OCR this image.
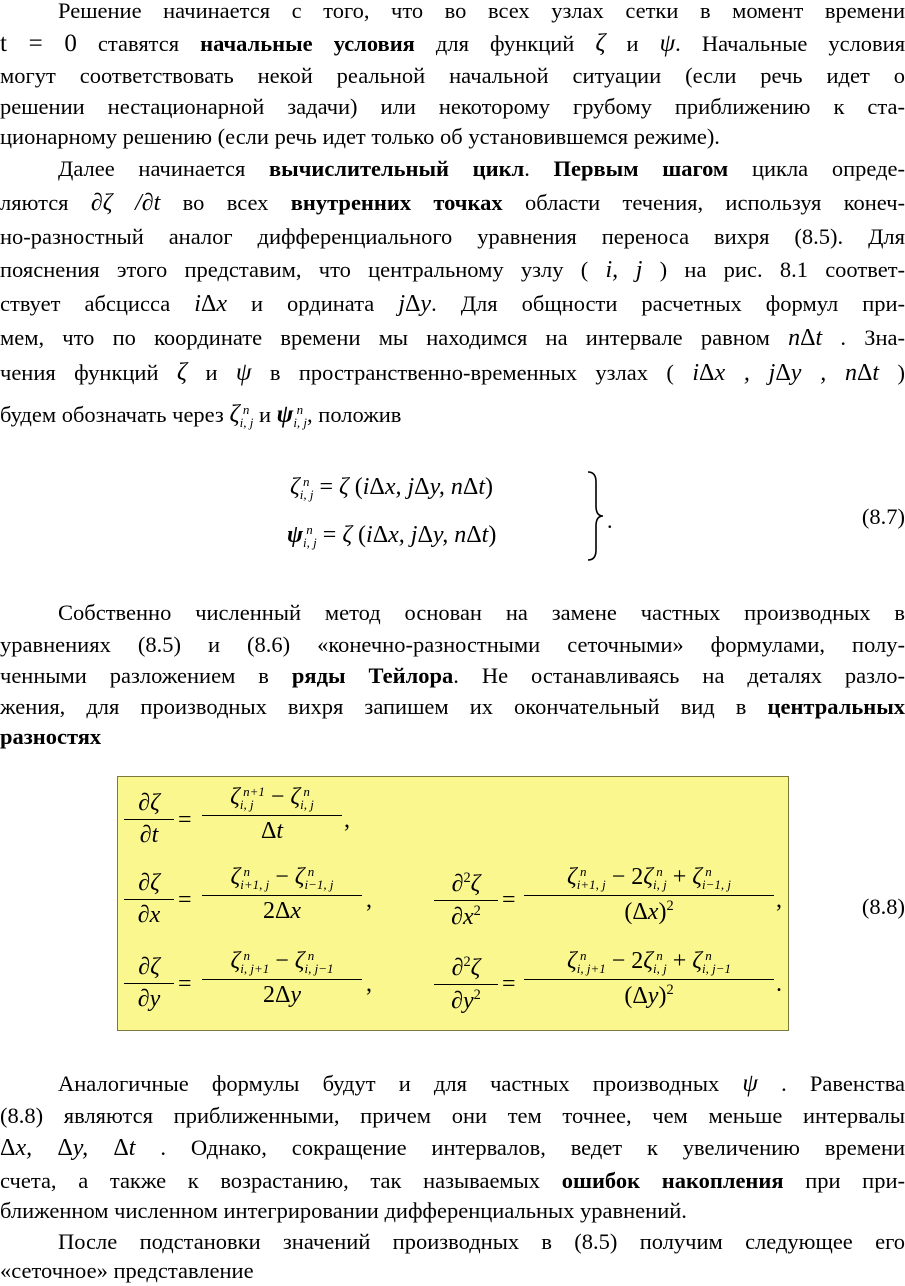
Решение начинается с того, что во всех узлах сетки в момент времени
t = 0 ставятся начальные условия для функций ζ и ψ. Начальные условия
могут соответствовать некой реальной начальной ситуации (если речь идет о
решении нестационарной задачи) или некоторому грубому приближению к ста-
ционарному решению (если речь идет только об установившемся режиме).
Далее начинается вычислительный цикл. Первым шагом цикла опреде-
ляются ∂ζ /∂t во всех внутренних точках области течения, используя конеч-
но-разностный аналог дифференциального уравнения переноса вихря (8.5). Для
пояснения этого представим, что центральному узлу ( i, j ) на рис. 8.1 соответ-
ствует абсцисса iΔx и ордината jΔy. Для общности расчетных формул при-
мем, что по координате времени мы находимся на интервале равном nΔt . Зна-
чения функций ζ и ψ в пространственно-временных узлах ( iΔx , jΔy , nΔt )
будем обозначать через ζ n
i, j и ψ n
i, j , положив
ζ n
i, j = ζ (iΔx, jΔy, nΔt)
ψ n
i, j = ζ (iΔx, jΔy, nΔt)
.	(8.7)
Собственно численный метод основан на замене частных производных в
уравнениях (8.5) и (8.6) «конечно-разностными сеточными» формулами, полу-
ченными разложением в ряды Тейлора. Не останавливаясь на деталях разло-
жения, для производных вихря запишем их окончательный вид в центральных
разностях
∂ζ
∂t
=
ζ n+1
i, j − ζ n
i, j
Δt	,
∂ζ
∂x
=
ζ n
i+1, j − ζ n
i−1, j
2Δx	,
∂$^2$ζ
$\partial x^2$ =
ζ n
i+1, j − 2ζ n
i, j + ζ n
i−1, j
$(\Delta x)^2$	,
∂ζ
∂y
=
ζ n
i, j+1 − ζ n
i, j−1
2Δy	,
∂$^2$ζ
$\partial y^2$ =
ζ n
i, j+1 − 2ζ n
i, j + ζ n
i, j−1
$(\Delta y)^2$	.
(8.8)
Аналогичные формулы будут и для частных производных ψ . Равенства
(8.8) являются приближенными, причем они тем точнее, чем меньше интервалы
Δx, Δy, Δt . Однако, сокращение интервалов, ведет к увеличению времени
счета, а также к возрастанию, так называемых ошибок накопления при при-
ближенном численном интегрировании дифференциальных уравнений.
После подстановки значений производных в (8.5) получим следующее его
«сеточное» представление
